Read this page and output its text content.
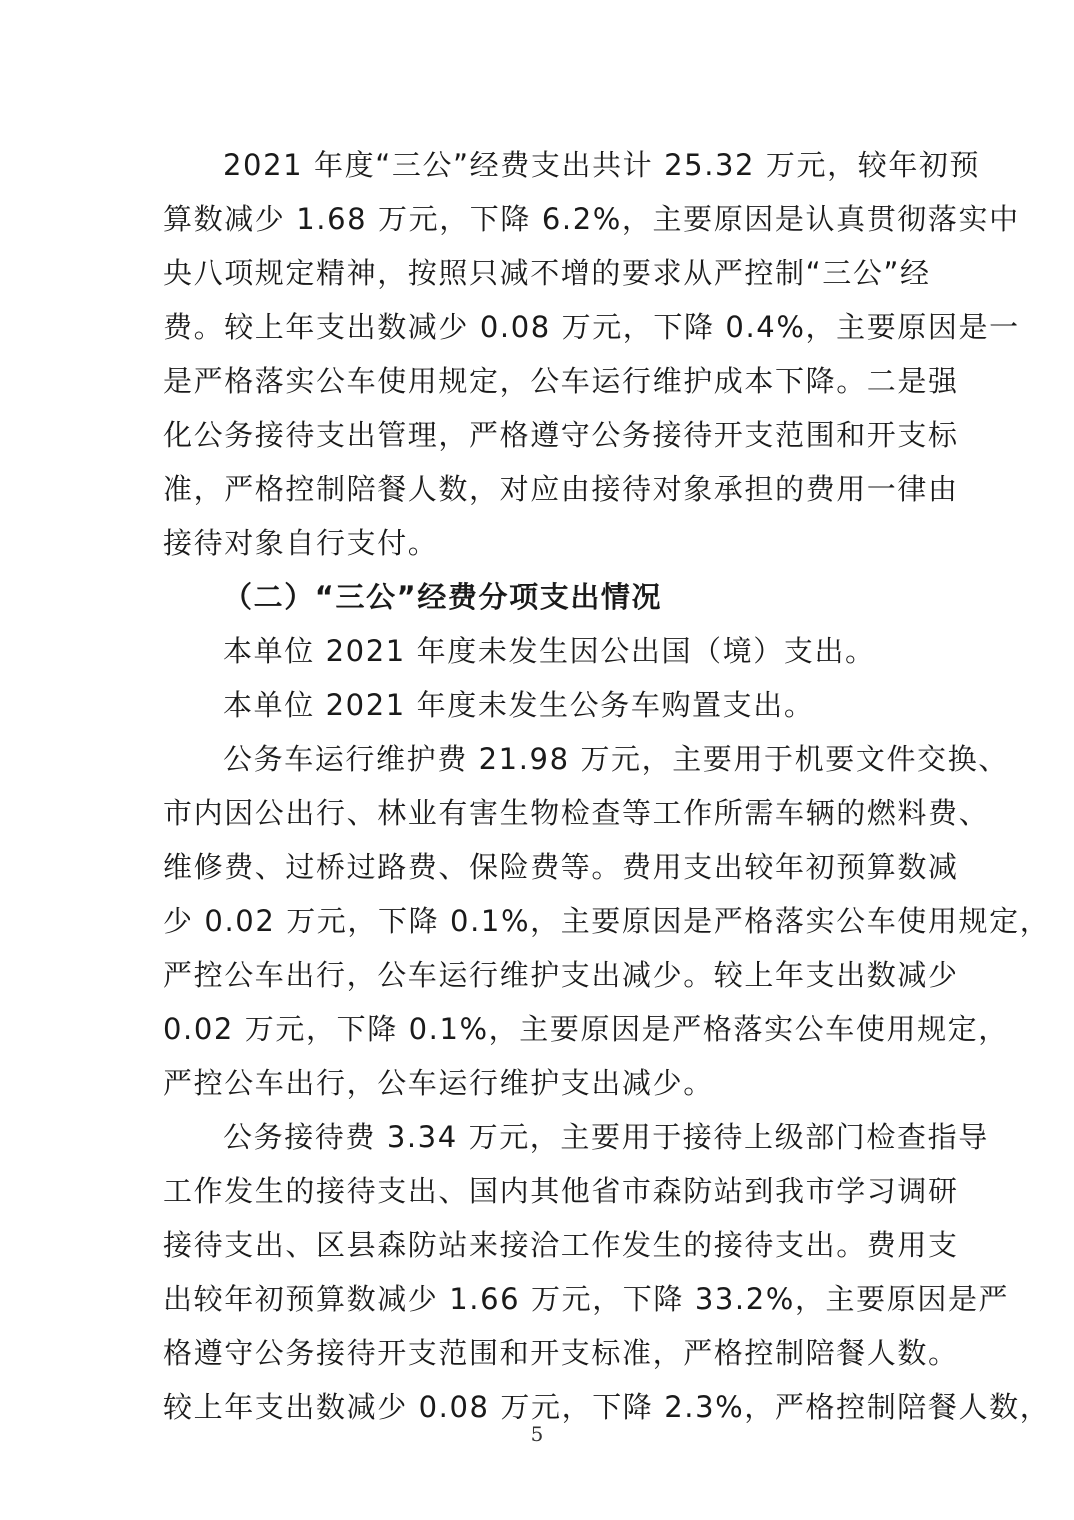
2021 年度“三公”经费支出共计 25.32 万元，较年初预
算数减少 1.68 万元，下降 6.2%，主要原因是认真贯彻落实中
央八项规定精神，按照只减不增的要求从严控制“三公”经
费。较上年支出数减少 0.08 万元，下降 0.4%，主要原因是一
是严格落实公车使用规定，公车运行维护成本下降。二是强
化公务接待支出管理，严格遵守公务接待开支范围和开支标
准，严格控制陪餐人数，对应由接待对象承担的费用一律由
接待对象自行支付。
（二）“三公”经费分项支出情况
本单位 2021 年度未发生因公出国（境）支出。
本单位 2021 年度未发生公务车购置支出。
公务车运行维护费 21.98 万元，主要用于机要文件交换、
市内因公出行、林业有害生物检查等工作所需车辆的燃料费、
维修费、过桥过路费、保险费等。费用支出较年初预算数减
少 0.02 万元，下降 0.1%，主要原因是严格落实公车使用规定，
严控公车出行，公车运行维护支出减少。较上年支出数减少
0.02 万元，下降 0.1%，主要原因是严格落实公车使用规定，
严控公车出行，公车运行维护支出减少。
公务接待费 3.34 万元，主要用于接待上级部门检查指导
工作发生的接待支出、国内其他省市森防站到我市学习调研
接待支出、区县森防站来接洽工作发生的接待支出。费用支
出较年初预算数减少 1.66 万元，下降 33.2%，主要原因是严
格遵守公务接待开支范围和开支标准，严格控制陪餐人数。
较上年支出数减少 0.08 万元，下降 2.3%，严格控制陪餐人数，
5
